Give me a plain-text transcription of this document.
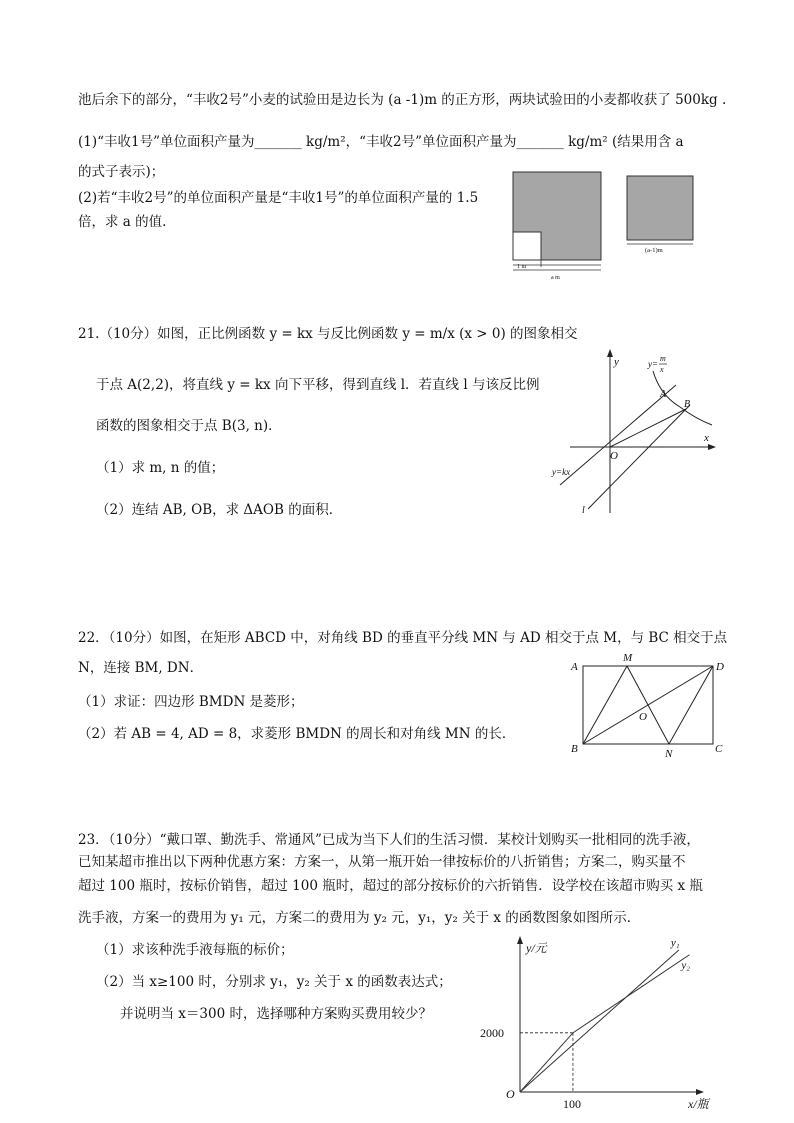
池后余下的部分，“丰收2号”小麦的试验田是边长为 (a -1)m 的正方形，两块试验田的小麦都收获了 500kg .
(1)“丰收1号”单位面积产量为_______ kg/m²，“丰收2号”单位面积产量为_______ kg/m² (结果用含 a
的式子表示)；
(2)若“丰收2号”的单位面积产量是“丰收1号”的单位面积产量的 1.5
倍，求 a 的值.
1 m
a m
(a-1)m
21.（10分）如图，正比例函数 y = kx 与反比例函数 y = m/x (x > 0) 的图象相交
于点 A(2,2)，将直线 y = kx 向下平移，得到直线 l．若直线 l 与该反比例
函数的图象相交于点 B(3, n)．
（1）求 m, n 的值；
（2）连结 AB, OB，求 ΔAOB 的面积．
y
x
O
A
B
y=
m
x
y=kx
l
22．（10分）如图，在矩形 ABCD 中，对角线 BD 的垂直平分线 MN 与 AD 相交于点 M，与 BC 相交于点
N，连接 BM, DN．
（1）求证：四边形 BMDN 是菱形；
（2）若 AB = 4, AD = 8，求菱形 BMDN 的周长和对角线 MN 的长．
A
M
D
O
B	N	C
23．（10分）“戴口罩、勤洗手、常通风”已成为当下人们的生活习惯．某校计划购买一批相同的洗手液，
已知某超市推出以下两种优惠方案：方案一，从第一瓶开始一律按标价的八折销售；方案二，购买量不
超过 100 瓶时，按标价销售，超过 100 瓶时，超过的部分按标价的六折销售．设学校在该超市购买 x 瓶
洗手液，方案一的费用为 y₁ 元，方案二的费用为 y₂ 元，y₁，y₂ 关于 x 的函数图象如图所示．
（1）求该种洗手液每瓶的标价；
（2）当 x≥100 时，分别求 y₁，y₂ 关于 x 的函数表达式；
并说明当 x＝300 时，选择哪种方案购买费用较少？
y/元
x/瓶
O
100
2000
y₁
y₂
